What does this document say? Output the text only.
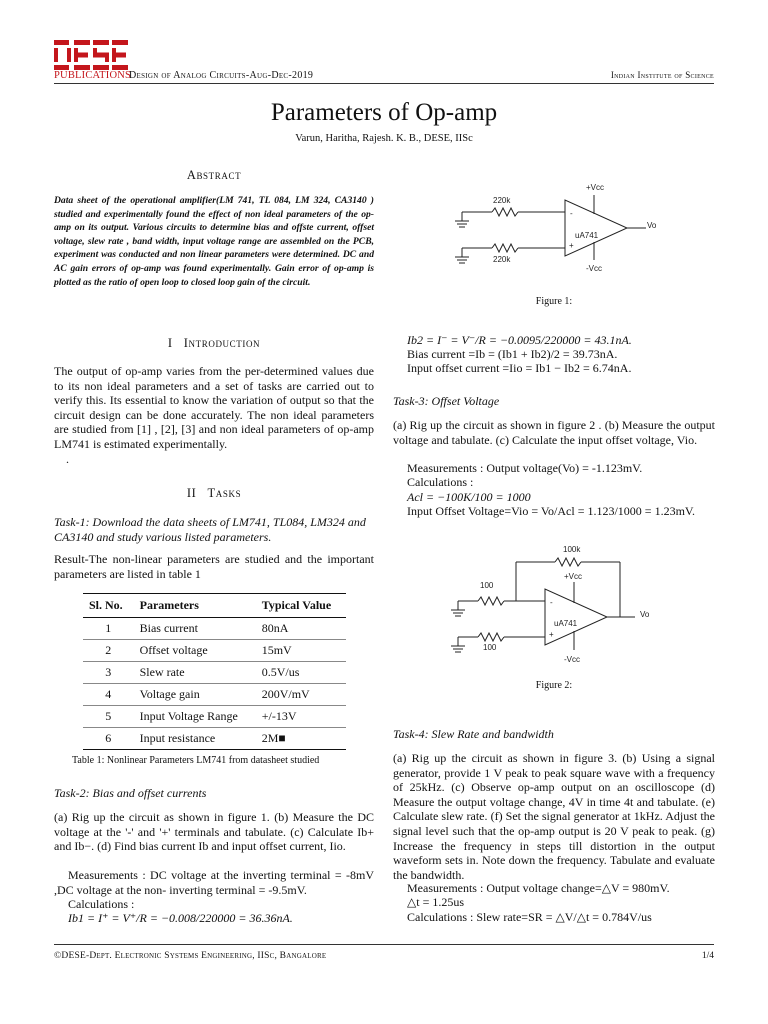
PUBLICATIONS
Design of Analog Circuits-Aug-Dec-2019	Indian Institute of Science
Parameters of Op-amp
Varun, Haritha, Rajesh. K. B., DESE, IISc
Abstract
Data sheet of the operational amplifier(LM 741, TL 084, LM 324, CA3140 ) studied and experimentally found the effect of non ideal parameters of the op-amp on its output. Various circuits to determine bias and offste current, offset voltage, slew rate , band width, input voltage range are assembled on the PCB, experiment was conducted and non linear parameters were determined. DC and AC gain errors of op-amp was found experimentally. Gain error of op-amp is plotted as the ratio of open loop to closed loop gain of the circuit.
I Introduction
The output of op-amp varies from the per-determined values due to its non ideal parameters and a set of tasks are carried out to verify this. Its essential to know the variation of output so that the circuit design can be done accurately. The non ideal parameters are studied from [1] , [2], [3] and non ideal parameters of op-amp LM741 is estimated experimentally.
.
II Tasks
Task-1: Download the data sheets of LM741, TL084, LM324 and CA3140 and study various listed parameters.
Result-The non-linear parameters are studied and the important parameters are listed in table 1
Sl. No.	Parameters	Typical Value
1	Bias current	80nA
2	Offset voltage	15mV
3	Slew rate	0.5V/us
4	Voltage gain	200V/mV
5	Input Voltage Range	+/-13V
6	Input resistance	2M■
Table 1: Nonlinear Parameters LM741 from datasheet studied
Task-2: Bias and offset currents
(a) Rig up the circuit as shown in figure 1. (b) Measure the DC voltage at the '-' and '+' terminals and tabulate. (c) Calculate Ib+ and Ib−. (d) Find bias current Ib and input offset current, Iio.
Measurements : DC voltage at the inverting terminal = -8mV ,DC voltage at the non- inverting terminal = -9.5mV.
Calculations :
Ib1 = I⁺ = V⁺/R = −0.008/220000 = 36.36nA.
-
+
+Vcc
-Vcc
220k
220k
uA741
Vo
Figure 1:
Ib2 = I⁻ = V⁻/R = −0.0095/220000 = 43.1nA.
Bias current =Ib = (Ib1 + Ib2)/2 = 39.73nA.
Input offset current =Iio = Ib1 − Ib2 = 6.74nA.
Task-3: Offset Voltage
(a) Rig up the circuit as shown in figure 2 . (b) Measure the output voltage and tabulate. (c) Calculate the input offset voltage, Vio.
Measurements : Output voltage(Vo) = -1.123mV.
Calculations :
Acl = −100K/100 = 1000
Input Offset Voltage=Vio = Vo/Acl = 1.123/1000 = 1.23mV.
-
+
100k
+Vcc
-Vcc
100
100
uA741
Vo
Figure 2:
Task-4: Slew Rate and bandwidth
(a) Rig up the circuit as shown in figure 3. (b) Using a signal generator, provide 1 V peak to peak square wave with a frequency of 25kHz. (c) Observe op-amp output on an oscilloscope (d) Measure the output voltage change, 4V in time 4t and tabulate. (e) Calculate slew rate. (f) Set the signal generator at 1kHz. Adjust the signal level such that the op-amp output is 20 V peak to peak. (g) Increase the frequency in steps till distortion in the output waveform sets in. Note down the frequency. Tabulate and evaluate the bandwidth.
Measurements : Output voltage change=△V = 980mV.
△t = 1.25us
Calculations : Slew rate=SR = △V/△t = 0.784V/us
©DESE-Dept. Electronic Systems Engineering, IISc, Bangalore	1/4
